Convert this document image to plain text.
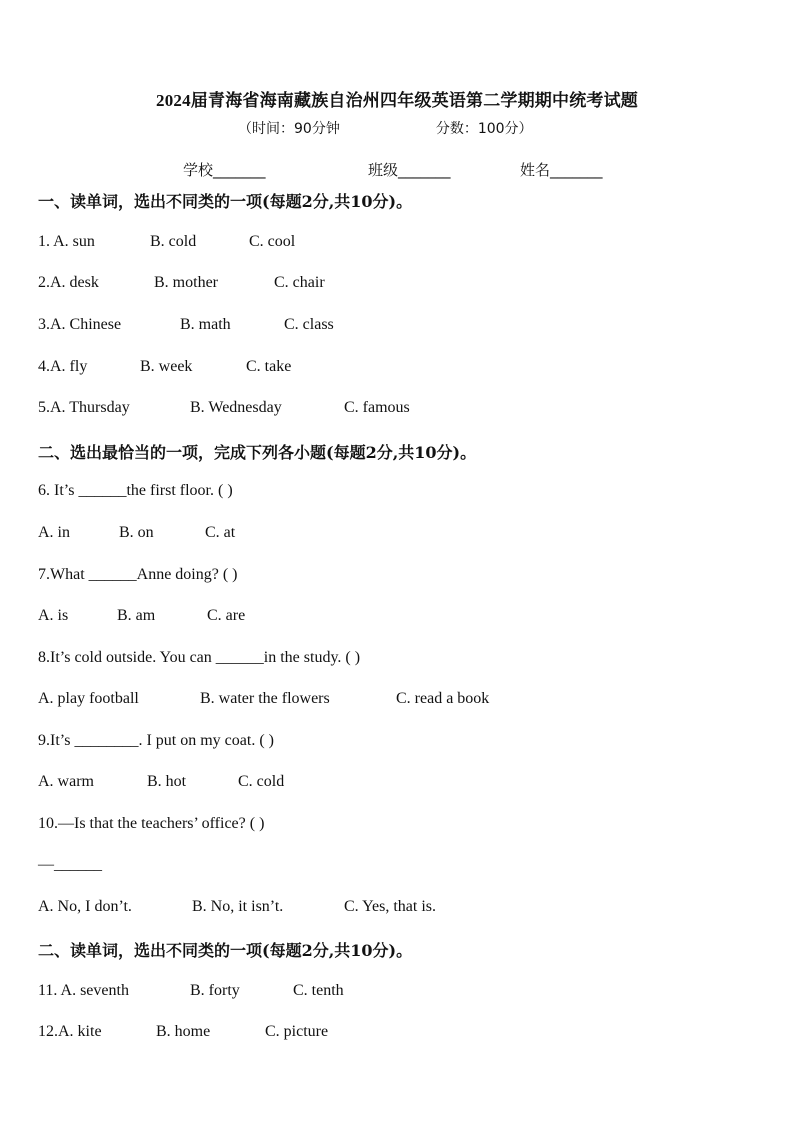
2024届青海省海南藏族自治州四年级英语第二学期期中统考试题
（时间：90分钟	分数：100分）
学校_______	班级_______	姓名_______
一、读单词，选出不同类的一项(每题2分,共10分)。
1. A. sun	B. cold	C. cool
2.A. desk	B. mother	C. chair
3.A. Chinese	B. math	C. class
4.A. fly	B. week	C. take
5.A. Thursday	B. Wednesday	C. famous
二、选出最恰当的一项，完成下列各小题(每题2分,共10分)。
6. It’s ______the first floor. ( )
A. in	B. on	C. at
7.What ______Anne doing? ( )
A. is	B. am	C. are
8.It’s cold outside. You can ______in the study. ( )
A. play football	B. water the flowers	C. read a book
9.It’s ________. I put on my coat. ( )
A. warm	B. hot	C. cold
10.—Is that the teachers’ office? ( )
—______
A. No, I don’t.	B. No, it isn’t.	C. Yes, that is.
二、读单词，选出不同类的一项(每题2分,共10分)。
11. A. seventh	B. forty	C. tenth
12.A. kite	B. home	C. picture
